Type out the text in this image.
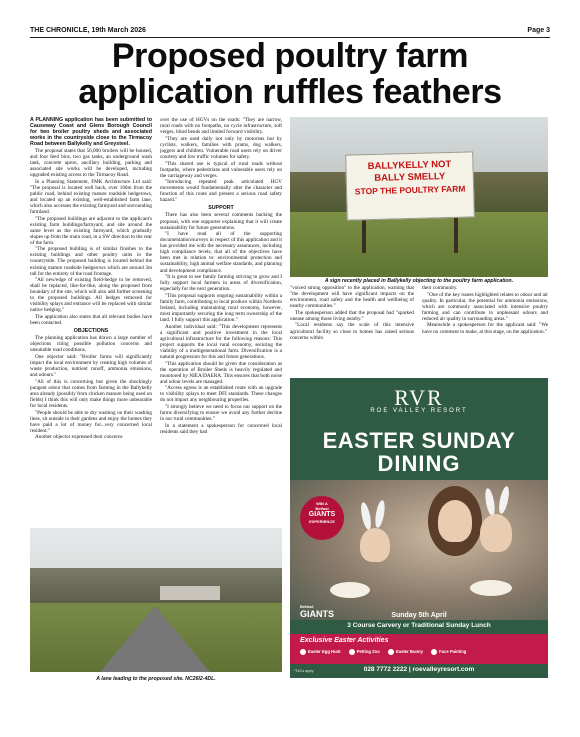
THE CHRONICLE, 19th March 2026	Page 3
Proposed poultry farm
application ruffles feathers

A PLANNING application has been submitted to Causeway Coast and Glens Borough Council for two broiler poultry sheds and associated works in the countryside close to the Tirmacoy Road between Ballykelly and Greysteel.

The proposal states that 56,000 broilers will be housed, and four feed bins, two gas tanks, an underground wash tank, concrete apron, ancillary building, parking and associated site works will be developed, including upgraded existing access to the Tirmacoy Road.

In a Planning Statement, FMK Architecture Ltd said: "The proposal is located well back, over 160m from the public road, behind existing mature roadside hedgerows, and located up an existing, well-established farm lane, which also accesses the existing farmyard and surrounding farmland.

"The proposed buildings are adjacent to the applicant's existing farm buildings/farmyard, and site around the same level as the existing farmyard, which gradually slopes up from the main road, in a SW direction to the rear of the farm.

"The proposed building is of similar finishes to the existing buildings and other poultry units in the countryside. The proposed building is located behind the existing mature roadside hedgerows which are around 3m tall for the entirety of the road frontage.

"All new/edge of existing field-hedge to be removed, shall be replaced, like-for-like, along the proposed front boundary of the site, which will also add further screening to the proposed buildings. All hedges removed for visibility splays and entrance will be replaced with similar native hedging."

The application also states that all relevant bodies have been contacted.

OBJECTIONS

The planning application has drawn a large number of objections citing possible pollution concerns and unsuitable road conditions.

One objector said: "Broiler farms will significantly impact the local environment by creating high volumes of waste production, nutrient runoff, ammonia emissions, and odours."

"All of this is concerning but given the shockingly pungent odour that comes from farming in the Ballykelly area already (possibly from chicken manure being used on fields) I think this will only make things more unbearable for local residents.

"People should be able to dry washing on their washing lines, sit outside in their gardens and enjoy the homes they have paid a lot of money for...very concerned local resident."

Another objector expressed their concerns

over the use of HGVs on the roads: "They are narrow, rural roads with no footpaths, no cycle infrastructure, soft verges, blind bends and limited forward visibility.

"They are used daily not only by motorists but by cyclists, walkers, families with prams, dog walkers, joggers and children. Vulnerable road users rely on driver courtesy and low traffic volumes for safety.

"This shared use is typical of rural roads without footpaths, where pedestrians and vulnerable users rely on the carriageway and verges.

"Introducing repeated peak articulated HGV movements would fundamentally alter the character and function of this route and present a serious road safety hazard."

SUPPORT

There has also been several comments backing the proposal, with one supporter explaining that it will create sustainability for future generations.

"I have read all of the supporting documentation/surveys in respect of this application and it has provided me with the necessary assurances, including high compliance levels, that all of the objectives have been met in relation to: environmental protection and sustainability, high animal welfare standards, and planning and development compliance.

"It is great to see family farming striving to grow and I fully support local farmers in areas of diversification, especially for the next generation.

"This proposal supports ongoing sustainability within a family farm, contributing to local produce within Northern Ireland, including maintaining rural economy, however, most importantly securing the long term ownership of the land. I fully support this application."

Another individual said: "This development represents a significant and positive investment in the local agricultural infrastructure for the following reasons: This project supports the local rural economy, securing the viability of a multigenerational farm. Diversification is a natural progression for this and future generations.

"This application should be given due consideration as the operation of Broiler Sheds is heavily regulated and monitored by NIEA/DAERA. This ensures that both noise and odour levels are managed.

"Access egress is an established route with an upgrade to visibility splays to meet DFI standards. These changes do not impact any neighbouring properties.

"I strongly believe we need to focus our support on the farms diversifying to ensure we avoid any further decline in our rural communities."

In a statement a spokesperson for concerned local residents said they had

BALLYKELLY NOT
BALLY SMELLY
STOP THE POULTRY FARM
A sign recently placed in Ballykelly objecting to the poultry farm application.

"voiced strong opposition" to the application, warning that "the development will have significant impacts on the environment, road safety and the health and wellbeing of nearby communities."

The spokesperson added that the proposal had "sparked unease among those living nearby."

"Local residents say the scale of this intensive agricultural facility so close to homes has raised serious concerns within

their community.

"One of the key issues highlighted relates to odour and air quality. In particular, the potential for ammonia emissions, which are commonly associated with intensive poultry farming and can contribute to unpleasant odours and reduced air quality in surrounding areas."

Meanwhile a spokesperson for the applicant said: "We have no comment to make, at this stage, on the application."

A lane leading to the proposed site. NC26I2-4DL.
RVR
ROE VALLEY RESORT
EASTER SUNDAY
DINING
WIN A
Belfast
GIANTS
EXPERIENCE
Belfast
GIANTS	Sunday 5th April
3 Course Carvery or Traditional Sunday Lunch
Exclusive Easter Activities
Easter Egg Hunt	Petting Zoo	Easter Bunny	Face Painting
*T&Cs apply	028 7772 2222 | roevalleyresort.com
